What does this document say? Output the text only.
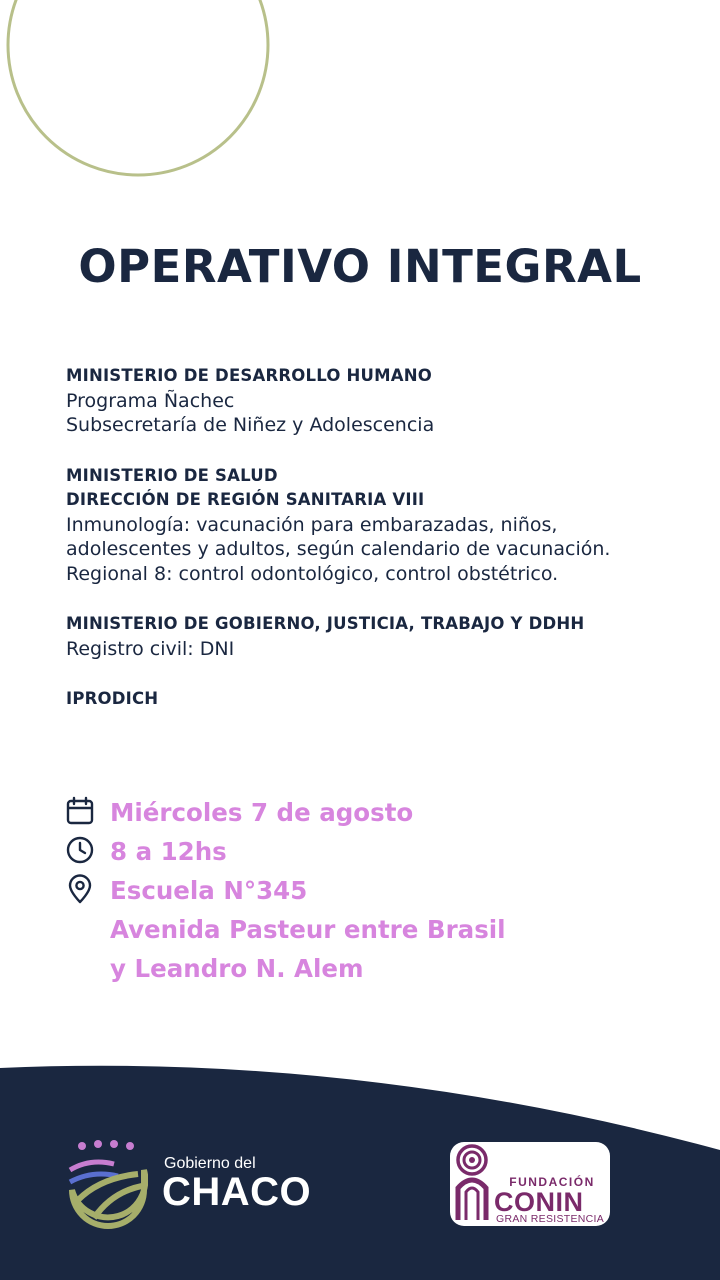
OPERATIVO INTEGRAL
MINISTERIO DE DESARROLLO HUMANO
Programa Ñachec
Subsecretaría de Niñez y Adolescencia
MINISTERIO DE SALUD
DIRECCIÓN DE REGIÓN SANITARIA VIII
Inmunología: vacunación para embarazadas, niños,
adolescentes y adultos, según calendario de vacunación.
Regional 8: control odontológico, control obstétrico.
MINISTERIO DE GOBIERNO, JUSTICIA, TRABAJO Y DDHH
Registro civil: DNI
IPRODICH
Miércoles 7 de agosto
8 a 12hs
Escuela N°345
Avenida Pasteur entre Brasil
y Leandro N. Alem
Gobierno del
CHACO	FUNDACIÓN
CONIN
GRAN RESISTENCIA
